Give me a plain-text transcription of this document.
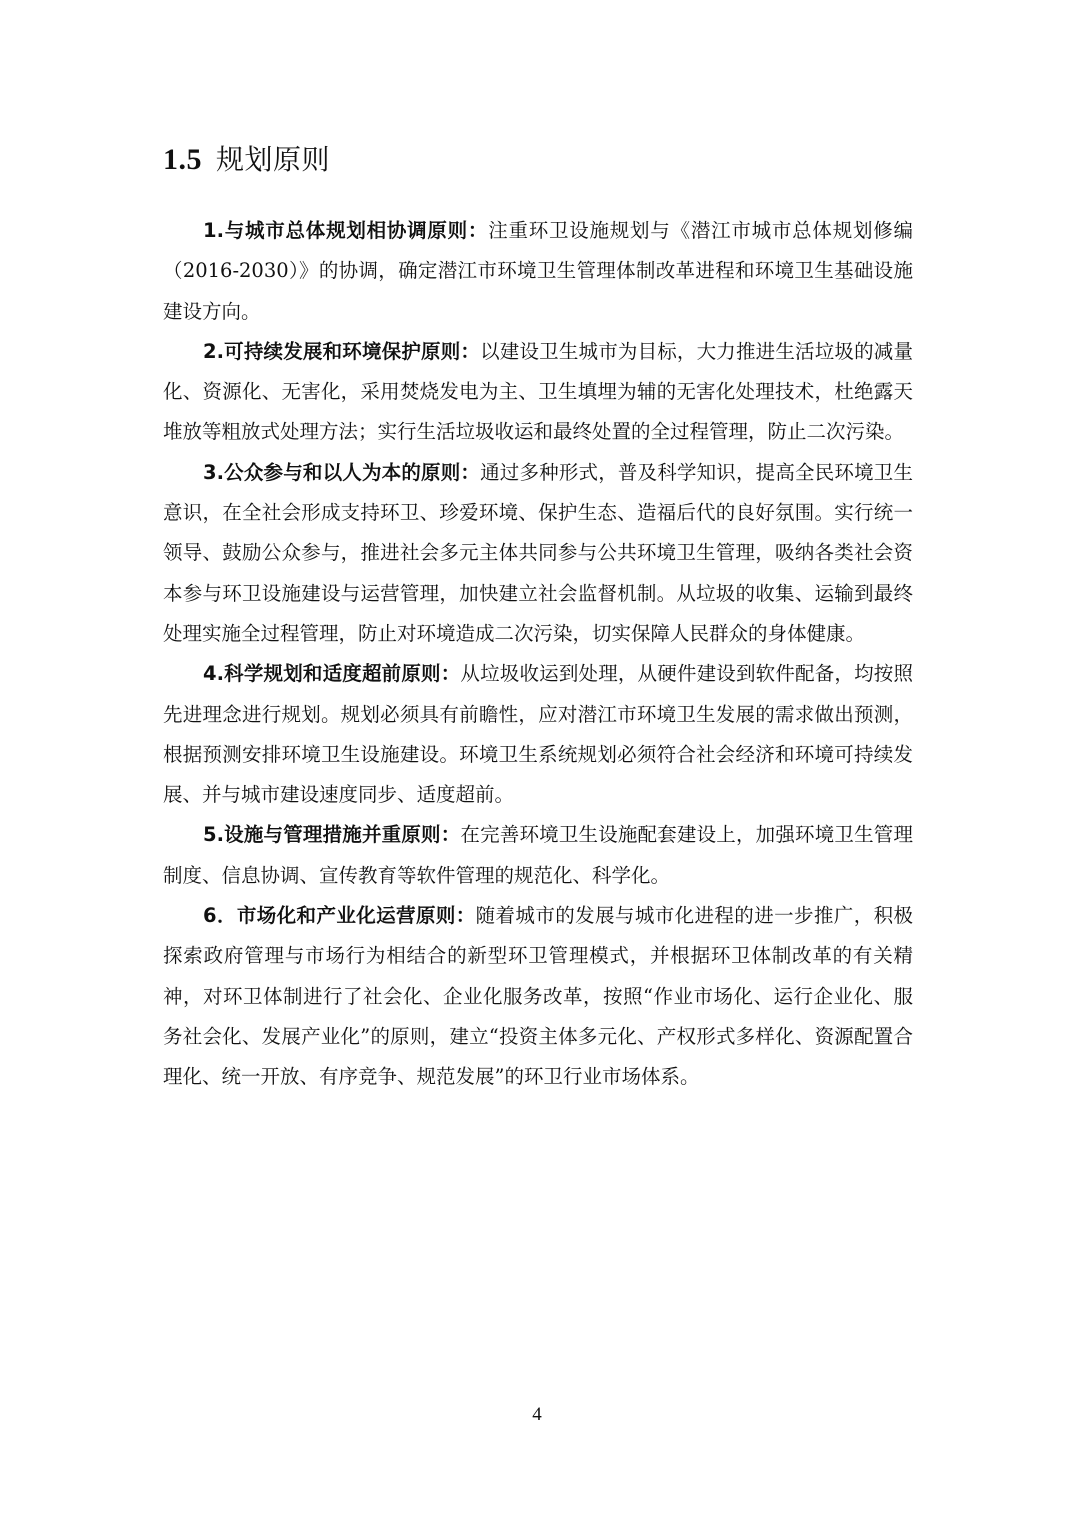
1.5 规划原则

1.与城市总体规划相协调原则：注重环卫设施规划与《潜江市城市总体规划修编（2016-2030）》的协调，确定潜江市环境卫生管理体制改革进程和环境卫生基础设施建设方向。

2.可持续发展和环境保护原则：以建设卫生城市为目标，大力推进生活垃圾的减量化、资源化、无害化，采用焚烧发电为主、卫生填埋为辅的无害化处理技术，杜绝露天堆放等粗放式处理方法；实行生活垃圾收运和最终处置的全过程管理，防止二次污染。

3.公众参与和以人为本的原则：通过多种形式，普及科学知识，提高全民环境卫生意识，在全社会形成支持环卫、珍爱环境、保护生态、造福后代的良好氛围。实行统一领导、鼓励公众参与，推进社会多元主体共同参与公共环境卫生管理，吸纳各类社会资本参与环卫设施建设与运营管理，加快建立社会监督机制。从垃圾的收集、运输到最终处理实施全过程管理，防止对环境造成二次污染，切实保障人民群众的身体健康。

4.科学规划和适度超前原则：从垃圾收运到处理，从硬件建设到软件配备，均按照先进理念进行规划。规划必须具有前瞻性，应对潜江市环境卫生发展的需求做出预测，根据预测安排环境卫生设施建设。环境卫生系统规划必须符合社会经济和环境可持续发展、并与城市建设速度同步、适度超前。

5.设施与管理措施并重原则：在完善环境卫生设施配套建设上，加强环境卫生管理制度、信息协调、宣传教育等软件管理的规范化、科学化。

6．市场化和产业化运营原则：随着城市的发展与城市化进程的进一步推广，积极探索政府管理与市场行为相结合的新型环卫管理模式，并根据环卫体制改革的有关精神，对环卫体制进行了社会化、企业化服务改革，按照“作业市场化、运行企业化、服务社会化、发展产业化”的原则，建立“投资主体多元化、产权形式多样化、资源配置合理化、统一开放、有序竞争、规范发展”的环卫行业市场体系。

4
